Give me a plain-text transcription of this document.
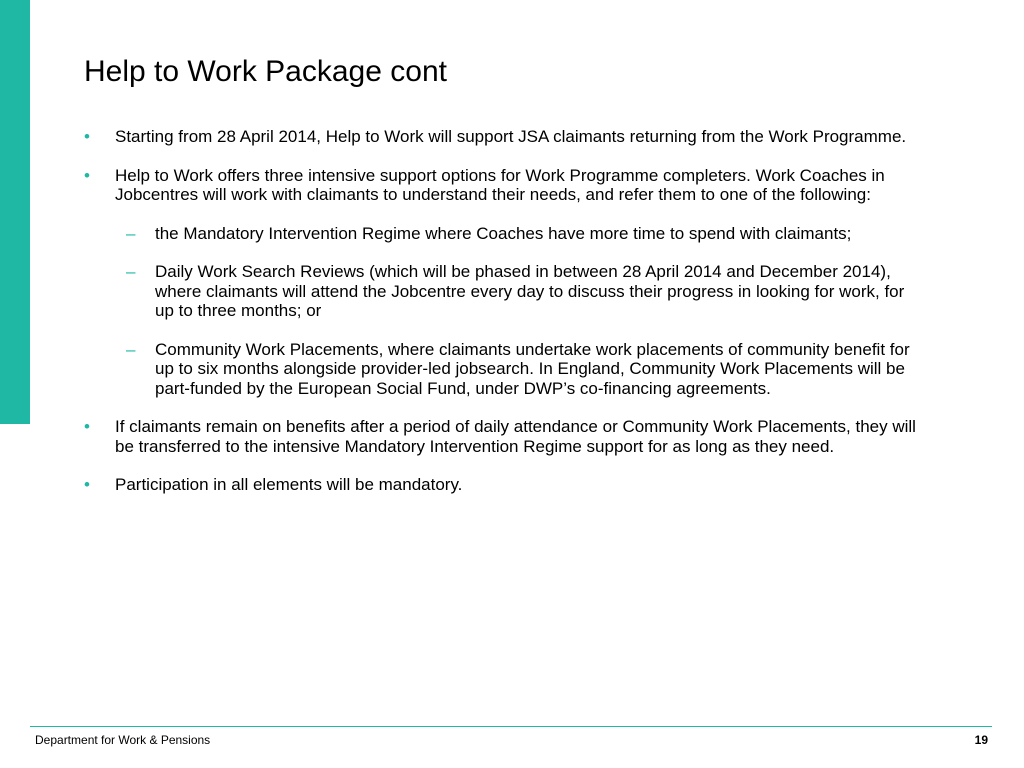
Help to Work Package cont
• Starting from 28 April 2014, Help to Work will support JSA claimants returning from the Work Programme.
• Help to Work offers three intensive support options for Work Programme completers. Work Coaches in Jobcentres will work with claimants to understand their needs, and refer them to one of the following:
– the Mandatory Intervention Regime where Coaches have more time to spend with claimants;
– Daily Work Search Reviews (which will be phased in between 28 April 2014 and December 2014), where claimants will attend the Jobcentre every day to discuss their progress in looking for work, for up to three months; or
– Community Work Placements, where claimants undertake work placements of community benefit for up to six months alongside provider-led jobsearch. In England, Community Work Placements will be part-funded by the European Social Fund, under DWP’s co-financing agreements.
• If claimants remain on benefits after a period of daily attendance or Community Work Placements, they will be transferred to the intensive Mandatory Intervention Regime support for as long as they need.
• Participation in all elements will be mandatory.
Department for Work & Pensions	19
